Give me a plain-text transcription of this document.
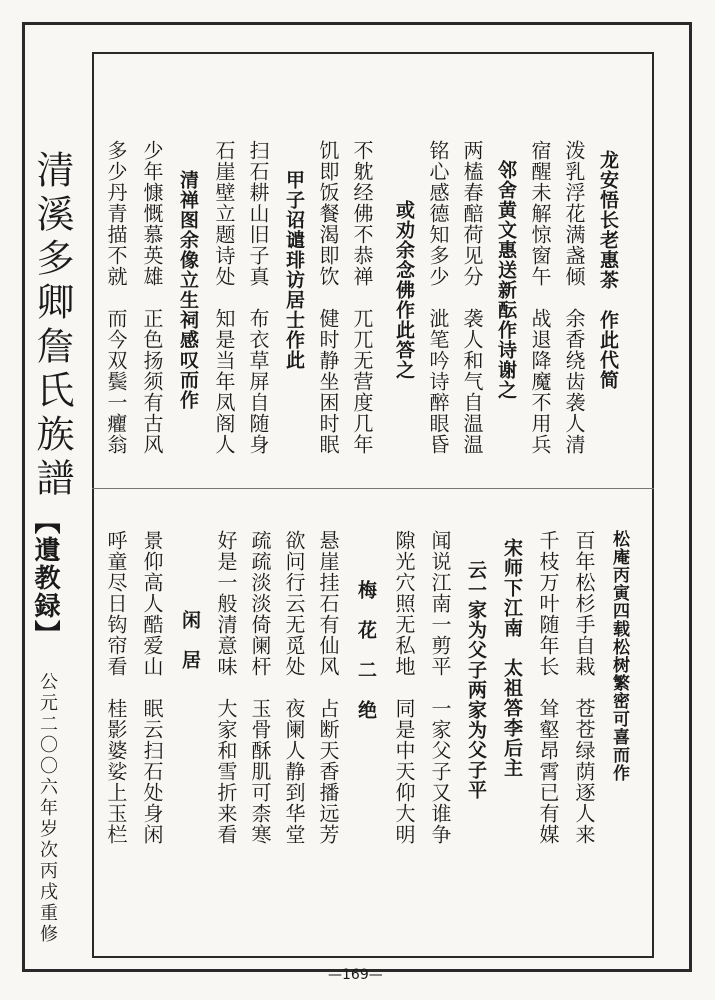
清溪多卿詹氏族譜
【遺教録】
公元二〇〇六年岁次丙戌重修
龙安悟长老惠茶　作此代简
泼乳浮花满盏倾　余香绕齿袭人清
宿醒未解惊窗午　战退降魔不用兵
邻舍黄文惠送新酝作诗谢之
两榼春醅荷见分　袭人和气自温温
铭心感德知多少　泚笔吟诗醉眼昏
或劝余念佛作此答之
不躭经佛不恭禅　兀兀无营度几年
饥即饭餐渴即饮　健时静坐困时眠
甲子诏谴琲访居士作此
扫石耕山旧子真　布衣草屏自随身
石崖壁立题诗处　知是当年凤阁人
清禅图余像立生祠感叹而作
少年慷慨慕英雄　正色扬须有古风
多少丹青描不就　而今双鬓一癯翁
松庵丙寅四载松树繁密可喜而作
百年松杉手自栽　苍苍绿荫逐人来
千枝万叶随年长　耸壑昂霄已有媒
宋师下江南　太祖答李后主
云一家为父子两家为父子平
闻说江南一剪平　一家父子又谁争
隙光穴照无私地　同是中天仰大明
梅　花　二　绝
悬崖挂石有仙风　占断天香播远芳
欲问行云无觅处　夜阑人静到华堂
疏疏淡淡倚阑杆　玉骨酥肌可柰寒
好是一般清意味　大家和雪折来看
闲　居
景仰高人酷爱山　眠云扫石处身闲
呼童尽日钩帘看　桂影婆娑上玉栏
—169—
